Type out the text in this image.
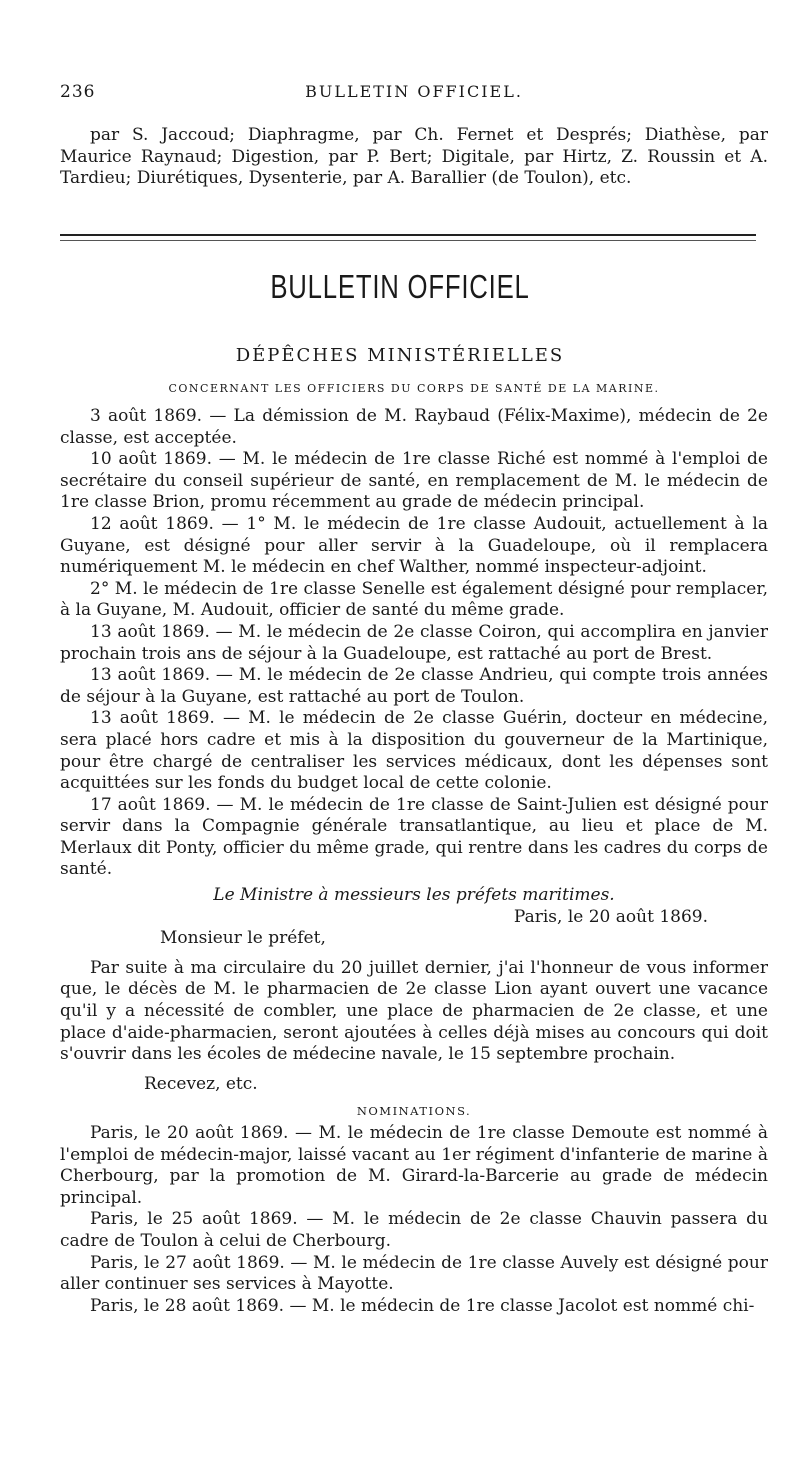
236	BULLETIN OFFICIEL.

par S. Jaccoud; Diaphragme, par Ch. Fernet et Després; Diathèse, par Maurice Raynaud; Digestion, par P. Bert; Digitale, par Hirtz, Z. Roussin et A. Tardieu; Diurétiques, Dysenterie, par A. Barallier (de Toulon), etc.

BULLETIN OFFICIEL
DÉPÊCHES MINISTÉRIELLES
CONCERNANT LES OFFICIERS DU CORPS DE SANTÉ DE LA MARINE.

3 août 1869. — La démission de M. Raybaud (Félix-Maxime), médecin de 2e classe, est acceptée.

10 août 1869. — M. le médecin de 1re classe Riché est nommé à l'emploi de secrétaire du conseil supérieur de santé, en remplacement de M. le médecin de 1re classe Brion, promu récemment au grade de médecin principal.

12 août 1869. — 1° M. le médecin de 1re classe Audouit, actuellement à la Guyane, est désigné pour aller servir à la Guadeloupe, où il remplacera numériquement M. le médecin en chef Walther, nommé inspecteur-adjoint.

2° M. le médecin de 1re classe Senelle est également désigné pour remplacer, à la Guyane, M. Audouit, officier de santé du même grade.

13 août 1869. — M. le médecin de 2e classe Coiron, qui accomplira en janvier prochain trois ans de séjour à la Guadeloupe, est rattaché au port de Brest.

13 août 1869. — M. le médecin de 2e classe Andrieu, qui compte trois années de séjour à la Guyane, est rattaché au port de Toulon.

13 août 1869. — M. le médecin de 2e classe Guérin, docteur en médecine, sera placé hors cadre et mis à la disposition du gouverneur de la Martinique, pour être chargé de centraliser les services médicaux, dont les dépenses sont acquittées sur les fonds du budget local de cette colonie.

17 août 1869. — M. le médecin de 1re classe de Saint-Julien est désigné pour servir dans la Compagnie générale transatlantique, au lieu et place de M. Merlaux dit Ponty, officier du même grade, qui rentre dans les cadres du corps de santé.

Le Ministre à messieurs les préfets maritimes.

Paris, le 20 août 1869.

Monsieur le préfet,

Par suite à ma circulaire du 20 juillet dernier, j'ai l'honneur de vous informer que, le décès de M. le pharmacien de 2e classe Lion ayant ouvert une vacance qu'il y a nécessité de combler, une place de pharmacien de 2e classe, et une place d'aide-pharmacien, seront ajoutées à celles déjà mises au concours qui doit s'ouvrir dans les écoles de médecine navale, le 15 septembre prochain.

Recevez, etc.

NOMINATIONS.

Paris, le 20 août 1869. — M. le médecin de 1re classe Demoute est nommé à l'emploi de médecin-major, laissé vacant au 1er régiment d'infanterie de marine à Cherbourg, par la promotion de M. Girard-la-Barcerie au grade de médecin principal.

Paris, le 25 août 1869. — M. le médecin de 2e classe Chauvin passera du cadre de Toulon à celui de Cherbourg.

Paris, le 27 août 1869. — M. le médecin de 1re classe Auvely est désigné pour aller continuer ses services à Mayotte.

Paris, le 28 août 1869. — M. le médecin de 1re classe Jacolot est nommé chi-
